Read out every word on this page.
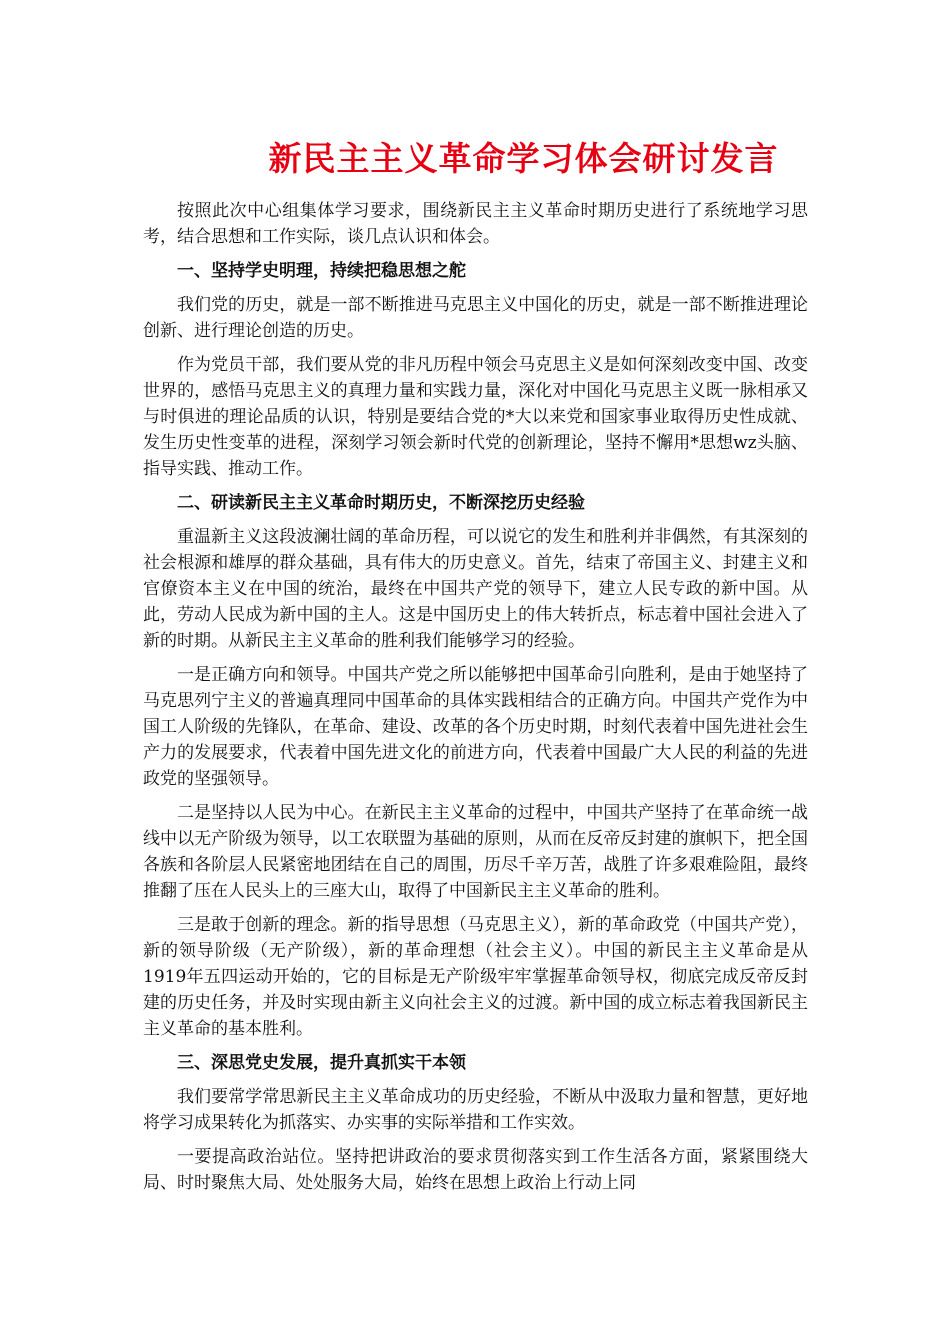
新民主主义革命学习体会研讨发言

按照此次中心组集体学习要求，围绕新民主主义革命时期历史进行了系统地学习思考，结合思想和工作实际，谈几点认识和体会。

一、坚持学史明理，持续把稳思想之舵

我们党的历史，就是一部不断推进马克思主义中国化的历史，就是一部不断推进理论创新、进行理论创造的历史。

作为党员干部，我们要从党的非凡历程中领会马克思主义是如何深刻改变中国、改变世界的，感悟马克思主义的真理力量和实践力量，深化对中国化马克思主义既一脉相承又与时俱进的理论品质的认识，特别是要结合党的*大以来党和国家事业取得历史性成就、发生历史性变革的进程，深刻学习领会新时代党的创新理论，坚持不懈用*思想wz头脑、指导实践、推动工作。

二、研读新民主主义革命时期历史，不断深挖历史经验

重温新主义这段波澜壮阔的革命历程，可以说它的发生和胜利并非偶然，有其深刻的社会根源和雄厚的群众基础，具有伟大的历史意义。首先，结束了帝国主义、封建主义和官僚资本主义在中国的统治，最终在中国共产党的领导下，建立人民专政的新中国。从此，劳动人民成为新中国的主人。这是中国历史上的伟大转折点，标志着中国社会进入了新的时期。从新民主主义革命的胜利我们能够学习的经验。

一是正确方向和领导。中国共产党之所以能够把中国革命引向胜利，是由于她坚持了马克思列宁主义的普遍真理同中国革命的具体实践相结合的正确方向。中国共产党作为中国工人阶级的先锋队，在革命、建设、改革的各个历史时期，时刻代表着中国先进社会生产力的发展要求，代表着中国先进文化的前进方向，代表着中国最广大人民的利益的先进政党的坚强领导。

二是坚持以人民为中心。在新民主主义革命的过程中，中国共产坚持了在革命统一战线中以无产阶级为领导，以工农联盟为基础的原则，从而在反帝反封建的旗帜下，把全国各族和各阶层人民紧密地团结在自己的周围，历尽千辛万苦，战胜了许多艰难险阻，最终推翻了压在人民头上的三座大山，取得了中国新民主主义革命的胜利。

三是敢于创新的理念。新的指导思想（马克思主义），新的革命政党（中国共产党），新的领导阶级（无产阶级），新的革命理想（社会主义）。中国的新民主主义革命是从1919年五四运动开始的，它的目标是无产阶级牢牢掌握革命领导权，彻底完成反帝反封建的历史任务，并及时实现由新主义向社会主义的过渡。新中国的成立标志着我国新民主主义革命的基本胜利。

三、深思党史发展，提升真抓实干本领

我们要常学常思新民主主义革命成功的历史经验，不断从中汲取力量和智慧，更好地将学习成果转化为抓落实、办实事的实际举措和工作实效。

一要提高政治站位。坚持把讲政治的要求贯彻落实到工作生活各方面，紧紧围绕大局、时时聚焦大局、处处服务大局，始终在思想上政治上行动上同
